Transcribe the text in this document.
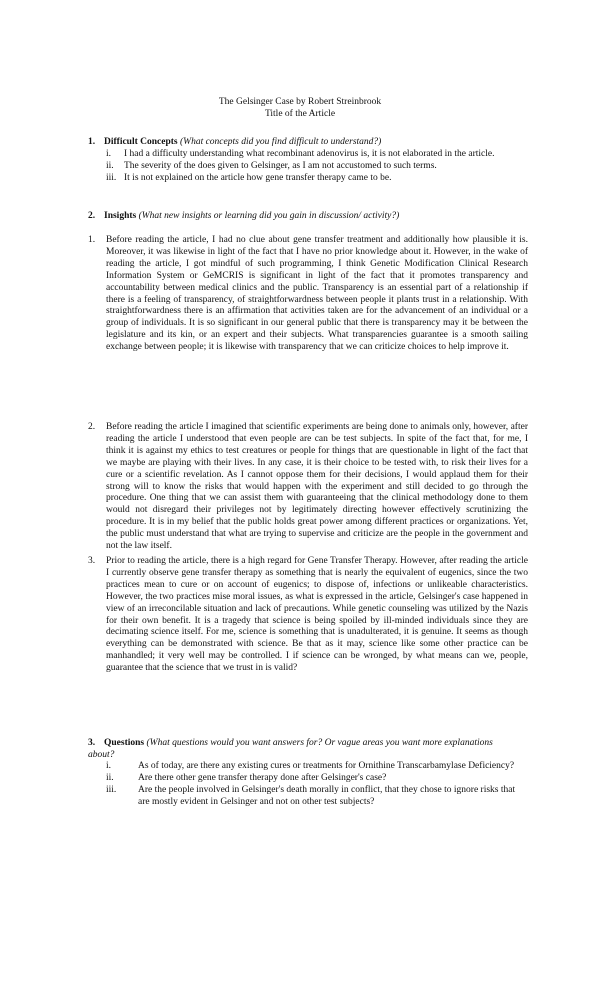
The Gelsinger Case by Robert Streinbrook
Title of the Article
1. Difficult Concepts (What concepts did you find difficult to understand?)
i. I had a difficulty understanding what recombinant adenovirus is, it is not elaborated in the article.
ii. The severity of the does given to Gelsinger, as I am not accustomed to such terms.
iii. It is not explained on the article how gene transfer therapy came to be.
2. Insights (What new insights or learning did you gain in discussion/ activity?)
1. Before reading the article, I had no clue about gene transfer treatment and additionally how plausible it is. Moreover, it was likewise in light of the fact that I have no prior knowledge about it. However, in the wake of reading the article, I got mindful of such programming, I think Genetic Modification Clinical Research Information System or GeMCRIS is significant in light of the fact that it promotes transparency and accountability between medical clinics and the public. Transparency is an essential part of a relationship if there is a feeling of transparency, of straightforwardness between people it plants trust in a relationship. With straightforwardness there is an affirmation that activities taken are for the advancement of an individual or a group of individuals. It is so significant in our general public that there is transparency may it be between the legislature and its kin, or an expert and their subjects. What transparencies guarantee is a smooth sailing exchange between people; it is likewise with transparency that we can criticize choices to help improve it.
2. Before reading the article I imagined that scientific experiments are being done to animals only, however, after reading the article I understood that even people are can be test subjects. In spite of the fact that, for me, I think it is against my ethics to test creatures or people for things that are questionable in light of the fact that we maybe are playing with their lives. In any case, it is their choice to be tested with, to risk their lives for a cure or a scientific revelation. As I cannot oppose them for their decisions, I would applaud them for their strong will to know the risks that would happen with the experiment and still decided to go through the procedure. One thing that we can assist them with guaranteeing that the clinical methodology done to them would not disregard their privileges not by legitimately directing however effectively scrutinizing the procedure. It is in my belief that the public holds great power among different practices or organizations. Yet, the public must understand that what are trying to supervise and criticize are the people in the government and not the law itself.
3. Prior to reading the article, there is a high regard for Gene Transfer Therapy. However, after reading the article I currently observe gene transfer therapy as something that is nearly the equivalent of eugenics, since the two practices mean to cure or on account of eugenics; to dispose of, infections or unlikeable characteristics. However, the two practices mise moral issues, as what is expressed in the article, Gelsinger's case happened in view of an irreconcilable situation and lack of precautions. While genetic counseling was utilized by the Nazis for their own benefit. It is a tragedy that science is being spoiled by ill-minded individuals since they are decimating science itself. For me, science is something that is unadulterated, it is genuine. It seems as though everything can be demonstrated with science. Be that as it may, science like some other practice can be manhandled; it very well may be controlled. I if science can be wronged, by what means can we, people, guarantee that the science that we trust in is valid?
3. Questions (What questions would you want answers for? Or vague areas you want more explanations about?
i.	As of today, are there any existing cures or treatments for Ornithine Transcarbamylase Deficiency?
ii.	Are there other gene transfer therapy done after Gelsinger's case?
iii. Are the people involved in Gelsinger's death morally in conflict, that they chose to ignore risks that are mostly evident in Gelsinger and not on other test subjects?
